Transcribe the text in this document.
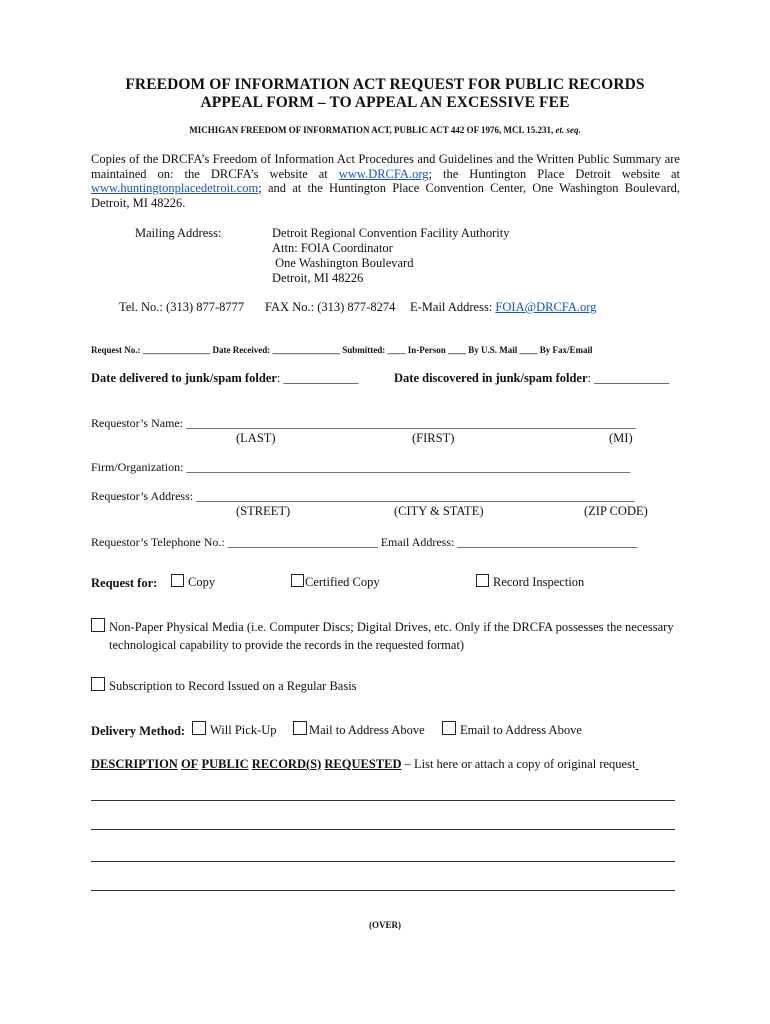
FREEDOM OF INFORMATION ACT REQUEST FOR PUBLIC RECORDS
APPEAL FORM – TO APPEAL AN EXCESSIVE FEE
MICHIGAN FREEDOM OF INFORMATION ACT, PUBLIC ACT 442 OF 1976, MCL 15.231, et. seq.
Copies of the DRCFA’s Freedom of Information Act Procedures and Guidelines and the Written Public Summary are maintained on: the DRCFA’s website at www.DRCFA.org; the Huntington Place Detroit website at www.huntingtonplacedetroit.com; and at the Huntington Place Convention Center, One Washington Boulevard, Detroit, MI 48226.
Mailing Address:	Detroit Regional Convention Facility Authority
Attn: FOIA Coordinator
One Washington Boulevard
Detroit, MI 48226
Tel. No.: (313) 877-8777 FAX No.: (313) 877-8274 E-Mail Address: FOIA@DRCFA.org
Request No.: _______________ Date Received: _______________ Submitted: ____ In-Person ____ By U.S. Mail ____ By Fax/Email
Date delivered to junk/spam folder: ____________	Date discovered in junk/spam folder: ____________
Requestor’s Name: ___________________________________________________________________________
(LAST)	(FIRST)	(MI)
Firm/Organization: __________________________________________________________________________
Requestor’s Address: _________________________________________________________________________
(STREET)	(CITY & STATE)	(ZIP CODE)
Requestor’s Telephone No.: _________________________ Email Address: ______________________________
Request for:	Copy	Certified Copy	Record Inspection
Non-Paper Physical Media (i.e. Computer Discs; Digital Drives, etc. Only if the DRCFA possesses the necessary
technological capability to provide the records in the requested format)
Subscription to Record Issued on a Regular Basis
Delivery Method:	Will Pick-Up	Mail to Address Above	Email to Address Above
DESCRIPTION OF PUBLIC RECORD(S) REQUESTED – List here or attach a copy of original request
(OVER)
